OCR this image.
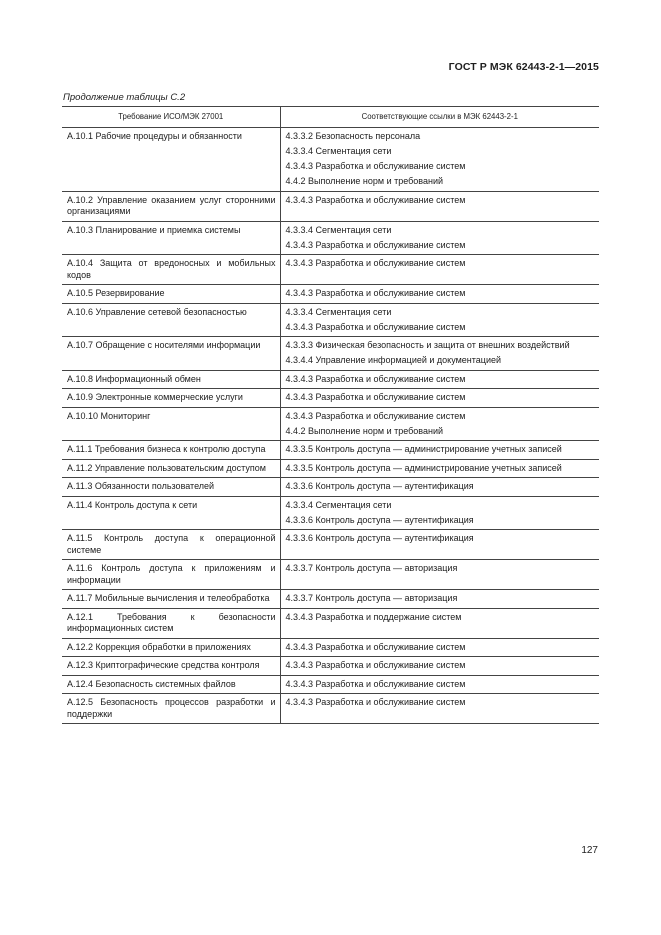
ГОСТ Р МЭК 62443-2-1—2015
Продолжение таблицы С.2
Требование ИСО/МЭК 27001	Соответствующие ссылки в МЭК 62443-2-1
А.10.1 Рабочие процедуры и обязанности	4.3.3.2 Безопасность персонала
4.3.3.4 Сегментация сети
4.3.4.3 Разработка и обслуживание систем
4.4.2 Выполнение норм и требований

А.10.2 Управление оказанием услуг сторонними организациями	4.3.4.3 Разработка и обслуживание систем

А.10.3 Планирование и приемка системы	4.3.3.4 Сегментация сети
4.3.4.3 Разработка и обслуживание систем

А.10.4 Защита от вредоносных и мобильных кодов	4.3.4.3 Разработка и обслуживание систем

А.10.5 Резервирование	4.3.4.3 Разработка и обслуживание систем

А.10.6 Управление сетевой безопасностью	4.3.3.4 Сегментация сети
4.3.4.3 Разработка и обслуживание систем

А.10.7 Обращение с носителями информации	4.3.3.3 Физическая безопасность и защита от внешних воздействий
4.3.4.4 Управление информацией и документацией

А.10.8 Информационный обмен	4.3.4.3 Разработка и обслуживание систем

А.10.9 Электронные коммерческие услуги	4.3.4.3 Разработка и обслуживание систем

А.10.10 Мониторинг	4.3.4.3 Разработка и обслуживание систем
4.4.2 Выполнение норм и требований

А.11.1 Требования бизнеса к контролю доступа	4.3.3.5 Контроль доступа — администрирование учетных записей

А.11.2 Управление пользовательским доступом	4.3.3.5 Контроль доступа — администрирование учетных записей

А.11.3 Обязанности пользователей	4.3.3.6 Контроль доступа — аутентификация

А.11.4 Контроль доступа к сети	4.3.3.4 Сегментация сети
4.3.3.6 Контроль доступа — аутентификация

А.11.5 Контроль доступа к операционной системе	4.3.3.6 Контроль доступа — аутентификация

А.11.6 Контроль доступа к приложениям и информации	4.3.3.7 Контроль доступа — авторизация

А.11.7 Мобильные вычисления и телеобработка	4.3.3.7 Контроль доступа — авторизация

А.12.1 Требования к безопасности информационных систем	4.3.4.3 Разработка и поддержание систем

А.12.2 Коррекция обработки в приложениях	4.3.4.3 Разработка и обслуживание систем

А.12.3 Криптографические средства контроля	4.3.4.3 Разработка и обслуживание систем

А.12.4 Безопасность системных файлов	4.3.4.3 Разработка и обслуживание систем

А.12.5 Безопасность процессов разработки и поддержки	4.3.4.3 Разработка и обслуживание систем
127
